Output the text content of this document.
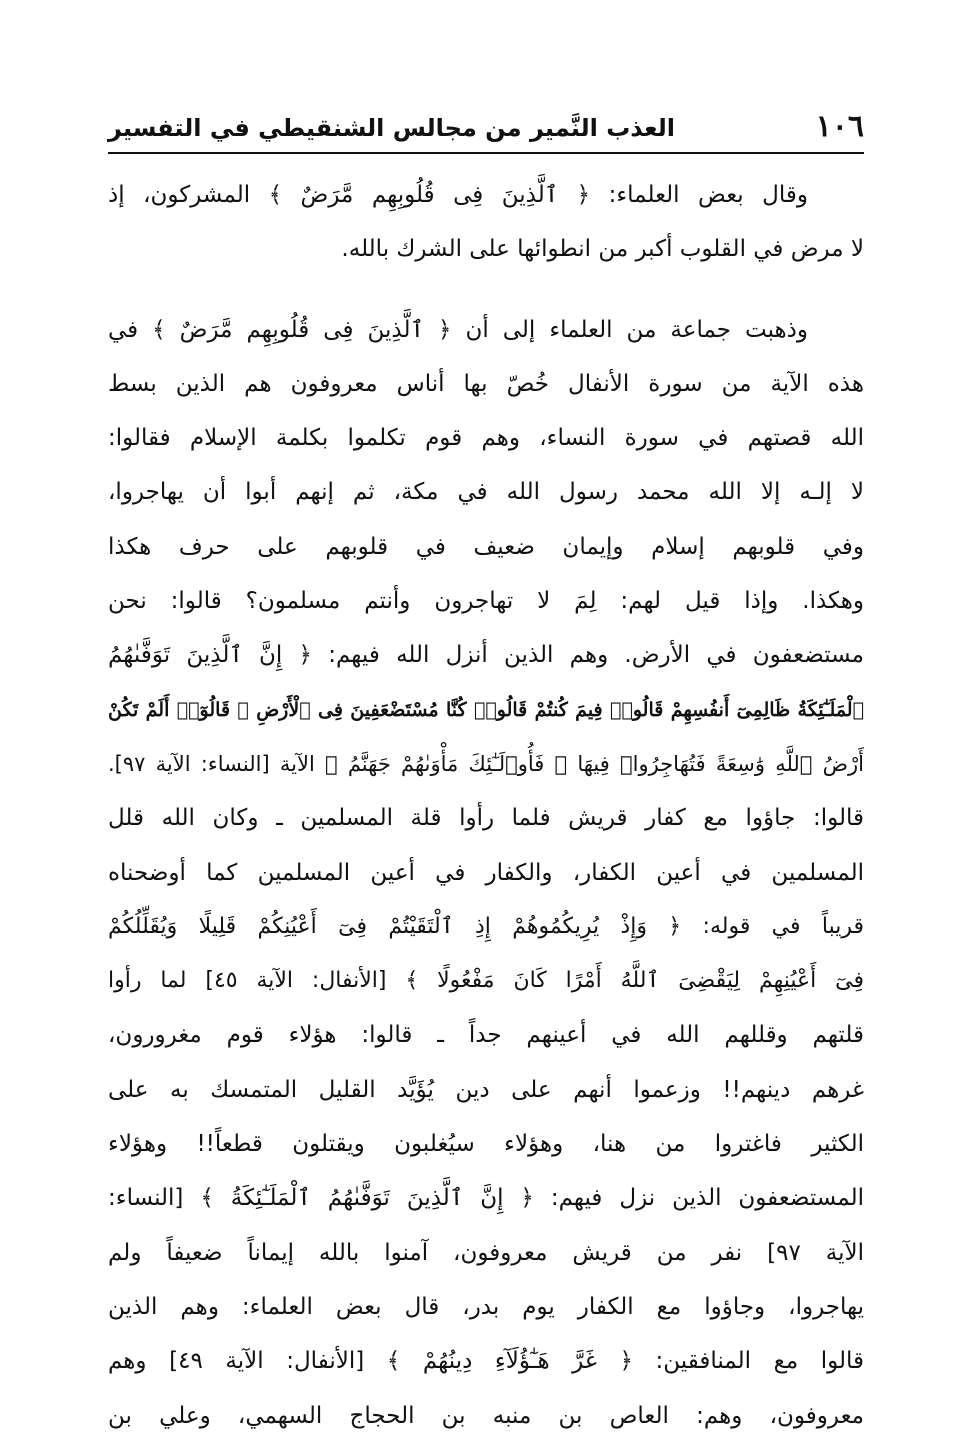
١٠٦
العذب النَّمير من مجالس الشنقيطي في التفسير
وقال بعض العلماء: ﴿ ٱلَّذِينَ فِى قُلُوبِهِم مَّرَضٌ ﴾ المشركون، إذ
لا مرض في القلوب أكبر من انطوائها على الشرك بالله.
وذهبت جماعة من العلماء إلى أن ﴿ ٱلَّذِينَ فِى قُلُوبِهِم مَّرَضٌ ﴾ في
هذه الآية من سورة الأنفال خُصّ بها أناس معروفون هم الذين بسط
الله قصتهم في سورة النساء، وهم قوم تكلموا بكلمة الإسلام فقالوا:
لا إلـه إلا الله محمد رسول الله في مكة، ثم إنهم أبوا أن يهاجروا،
وفي قلوبهم إسلام وإيمان ضعيف في قلوبهم على حرف هكذا
وهكذا. وإذا قيل لهم: لِمَ لا تهاجرون وأنتم مسلمون؟ قالوا: نحن
مستضعفون في الأرض. وهم الذين أنزل الله فيهم: ﴿ إِنَّ ٱلَّذِينَ تَوَفَّىٰهُمُ
ٱلْمَلَـٰٓئِكَةُ ظَالِمِىٓ أَنفُسِهِمْ قَالُوا۟ فِيمَ كُنتُمْ قَالُوا۟ كُنَّا مُسْتَضْعَفِينَ فِى ٱلْأَرْضِ ۚ قَالُوٓا۟ أَلَمْ تَكُنْ
أَرْضُ ٱللَّهِ وَٰسِعَةً فَتُهَاجِرُوا۟ فِيهَا ۚ فَأُو۟لَـٰٓئِكَ مَأْوَىٰهُمْ جَهَنَّمُ ﴾ الآية [النساء: الآية ٩٧].
قالوا: جاؤوا مع كفار قريش فلما رأوا قلة المسلمين ـ وكان الله قلل
المسلمين في أعين الكفار، والكفار في أعين المسلمين كما أوضحناه
قريباً في قوله: ﴿ وَإِذْ يُرِيكُمُوهُمْ إِذِ ٱلْتَقَيْتُمْ فِىٓ أَعْيُنِكُمْ قَلِيلًا وَيُقَلِّلُكُمْ
فِىٓ أَعْيُنِهِمْ لِيَقْضِىَ ٱللَّهُ أَمْرًا كَانَ مَفْعُولًا ﴾ [الأنفال: الآية ٤٥] لما رأوا
قلتهم وقللهم الله في أعينهم جداً ـ قالوا: هؤلاء قوم مغرورون،
غرهم دينهم!! وزعموا أنهم على دين يُؤَيَّد القليل المتمسك به على
الكثير فاغتروا من هنا، وهؤلاء سيُغلبون ويقتلون قطعاً!! وهؤلاء
المستضعفون الذين نزل فيهم: ﴿ إِنَّ ٱلَّذِينَ تَوَفَّىٰهُمُ ٱلْمَلَـٰٓئِكَةُ ﴾ [النساء:
الآية ٩٧] نفر من قريش معروفون، آمنوا بالله إيماناً ضعيفاً ولم
يهاجروا، وجاؤوا مع الكفار يوم بدر، قال بعض العلماء: وهم الذين
قالوا مع المنافقين: ﴿ غَرَّ هَـٰٓؤُلَآءِ دِينُهُمْ ﴾ [الأنفال: الآية ٤٩] وهم
معروفون، وهم: العاص بن منبه بن الحجاج السهمي، وعلي بن
